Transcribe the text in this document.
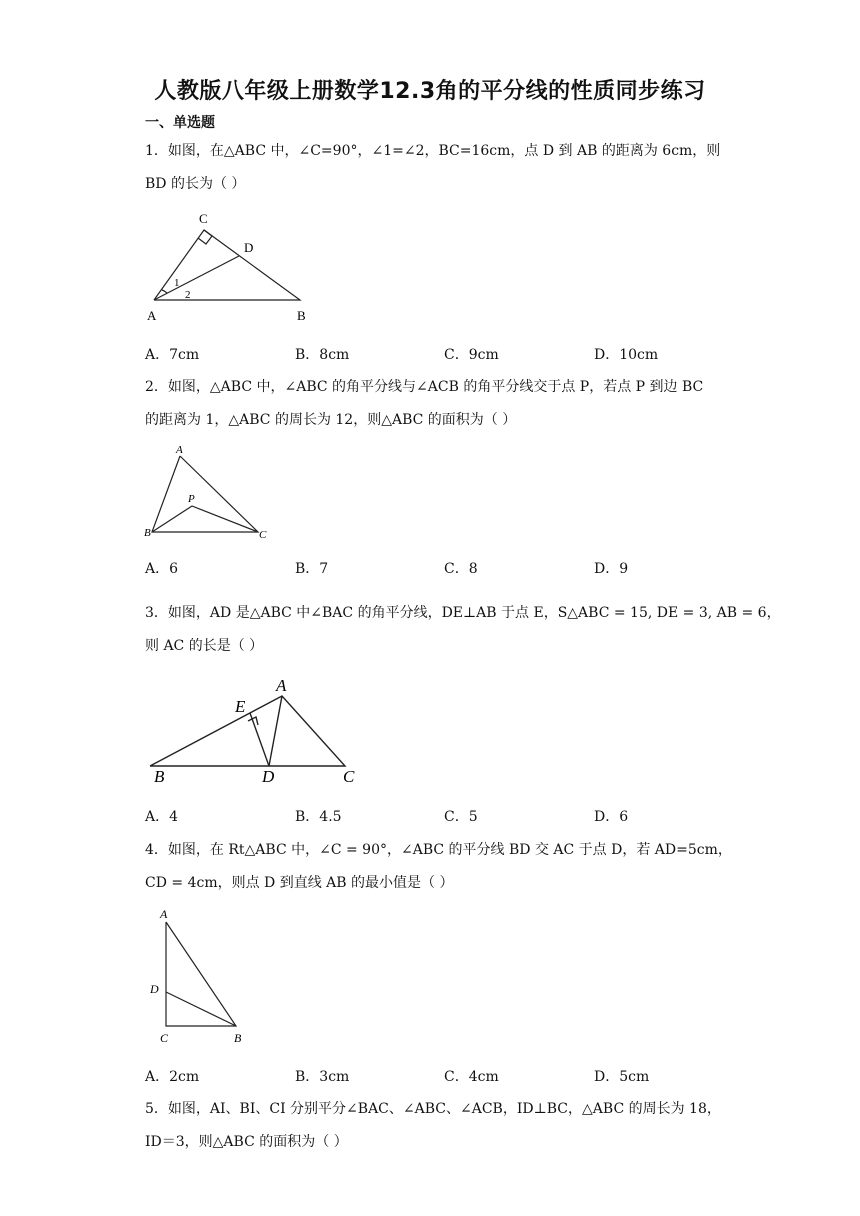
人教版八年级上册数学12.3角的平分线的性质同步练习
一、单选题
1．如图，在△ABC 中，∠C=90°，∠1=∠2，BC=16cm，点 D 到 AB 的距离为 6cm，则
BD 的长为（ ）
C
D
A	B
1
2
A．7cm	B．8cm	C．9cm	D．10cm
2．如图，△ABC 中，∠ABC 的角平分线与∠ACB 的角平分线交于点 P，若点 P 到边 BC
的距离为 1，△ABC 的周长为 12，则△ABC 的面积为（ ）
A
P
B	C
A．6	B．7	C．8	D．9
3．如图，AD 是△ABC 中∠BAC 的角平分线，DE⊥AB 于点 E，S△ABC = 15, DE = 3, AB = 6，
则 AC 的长是（ ）
A
E
B	D	C
A．4	B．4.5	C．5	D．6
4．如图，在 Rt△ABC 中，∠C = 90°，∠ABC 的平分线 BD 交 AC 于点 D，若 AD=5cm，
CD = 4cm，则点 D 到直线 AB 的最小值是（ ）
A
D
C	B
A．2cm	B．3cm	C．4cm	D．5cm
5．如图，AI、BI、CI 分别平分∠BAC、∠ABC、∠ACB，ID⊥BC，△ABC 的周长为 18，
ID＝3，则△ABC 的面积为（ ）
